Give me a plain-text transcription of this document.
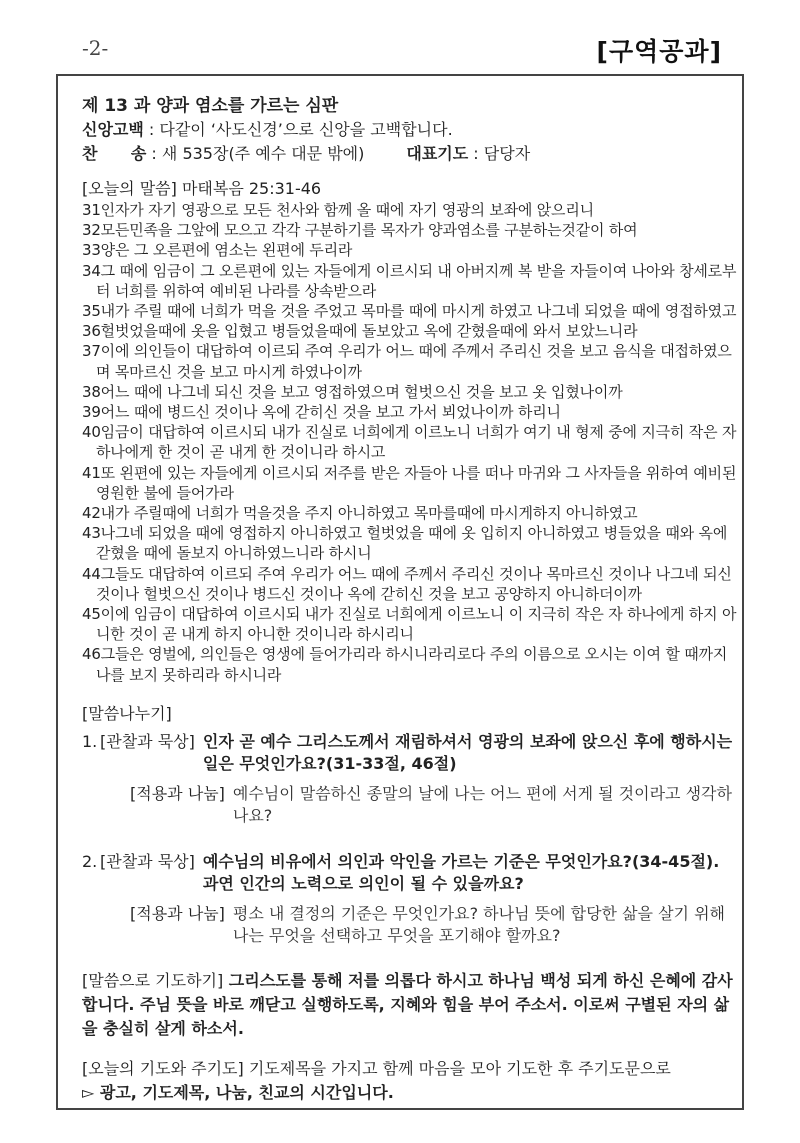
-2-	[구역공과]
제 13 과 양과 염소를 가르는 심판
신앙고백 : 다같이 ‘사도신경’으로 신앙을 고백합니다.
찬      송 : 새 535장(주 예수 대문 밖에)	대표기도 : 담당자
[오늘의 말씀] 마태복음 25:31-46
31인자가 자기 영광으로 모든 천사와 함께 올 때에 자기 영광의 보좌에 앉으리니
32모든민족을 그앞에 모으고 각각 구분하기를 목자가 양과염소를 구분하는것같이 하여
33양은 그 오른편에 염소는 왼편에 두리라
34그 때에 임금이 그 오른편에 있는 자들에게 이르시되 내 아버지께 복 받을 자들이여 나아와 창세로부터 너희를 위하여 예비된 나라를 상속받으라
35내가 주릴 때에 너희가 먹을 것을 주었고 목마를 때에 마시게 하였고 나그네 되었을 때에 영접하였고
36헐벗었을때에 옷을 입혔고 병들었을때에 돌보았고 옥에 갇혔을때에 와서 보았느니라
37이에 의인들이 대답하여 이르되 주여 우리가 어느 때에 주께서 주리신 것을 보고 음식을 대접하였으며 목마르신 것을 보고 마시게 하였나이까
38어느 때에 나그네 되신 것을 보고 영접하였으며 헐벗으신 것을 보고 옷 입혔나이까
39어느 때에 병드신 것이나 옥에 갇히신 것을 보고 가서 뵈었나이까 하리니
40임금이 대답하여 이르시되 내가 진실로 너희에게 이르노니 너희가 여기 내 형제 중에 지극히 작은 자 하나에게 한 것이 곧 내게 한 것이니라 하시고
41또 왼편에 있는 자들에게 이르시되 저주를 받은 자들아 나를 떠나 마귀와 그 사자들을 위하여 예비된 영원한 불에 들어가라
42내가 주릴때에 너희가 먹을것을 주지 아니하였고 목마를때에 마시게하지 아니하였고
43나그네 되었을 때에 영접하지 아니하였고 헐벗었을 때에 옷 입히지 아니하였고 병들었을 때와 옥에 갇혔을 때에 돌보지 아니하였느니라 하시니
44그들도 대답하여 이르되 주여 우리가 어느 때에 주께서 주리신 것이나 목마르신 것이나 나그네 되신 것이나 헐벗으신 것이나 병드신 것이나 옥에 갇히신 것을 보고 공양하지 아니하더이까
45이에 임금이 대답하여 이르시되 내가 진실로 너희에게 이르노니 이 지극히 작은 자 하나에게 하지 아니한 것이 곧 내게 하지 아니한 것이니라 하시리니
46그들은 영벌에, 의인들은 영생에 들어가리라 하시니라리로다 주의 이름으로 오시는 이여 할 때까지 나를 보지 못하리라 하시니라
[말씀나누기]
1. [관찰과 묵상] 인자 곧 예수 그리스도께서 재림하셔서 영광의 보좌에 앉으신 후에 행하시는 일은 무엇인가요?(31-33절, 46절)
[적용과 나눔] 예수님이 말씀하신 종말의 날에 나는 어느 편에 서게 될 것이라고 생각하나요?
2. [관찰과 묵상] 예수님의 비유에서 의인과 악인을 가르는 기준은 무엇인가요?(34-45절). 과연 인간의 노력으로 의인이 될 수 있을까요?
[적용과 나눔] 평소 내 결정의 기준은 무엇인가요? 하나님 뜻에 합당한 삶을 살기 위해 나는 무엇을 선택하고 무엇을 포기해야 할까요?
[말씀으로 기도하기] 그리스도를 통해 저를 의롭다 하시고 하나님 백성 되게 하신 은혜에 감사합니다. 주님 뜻을 바로 깨닫고 실행하도록, 지혜와 힘을 부어 주소서. 이로써 구별된 자의 삶을 충실히 살게 하소서.
[오늘의 기도와 주기도] 기도제목을 가지고 함께 마음을 모아 기도한 후 주기도문으로
▻ 광고, 기도제목, 나눔, 친교의 시간입니다.
